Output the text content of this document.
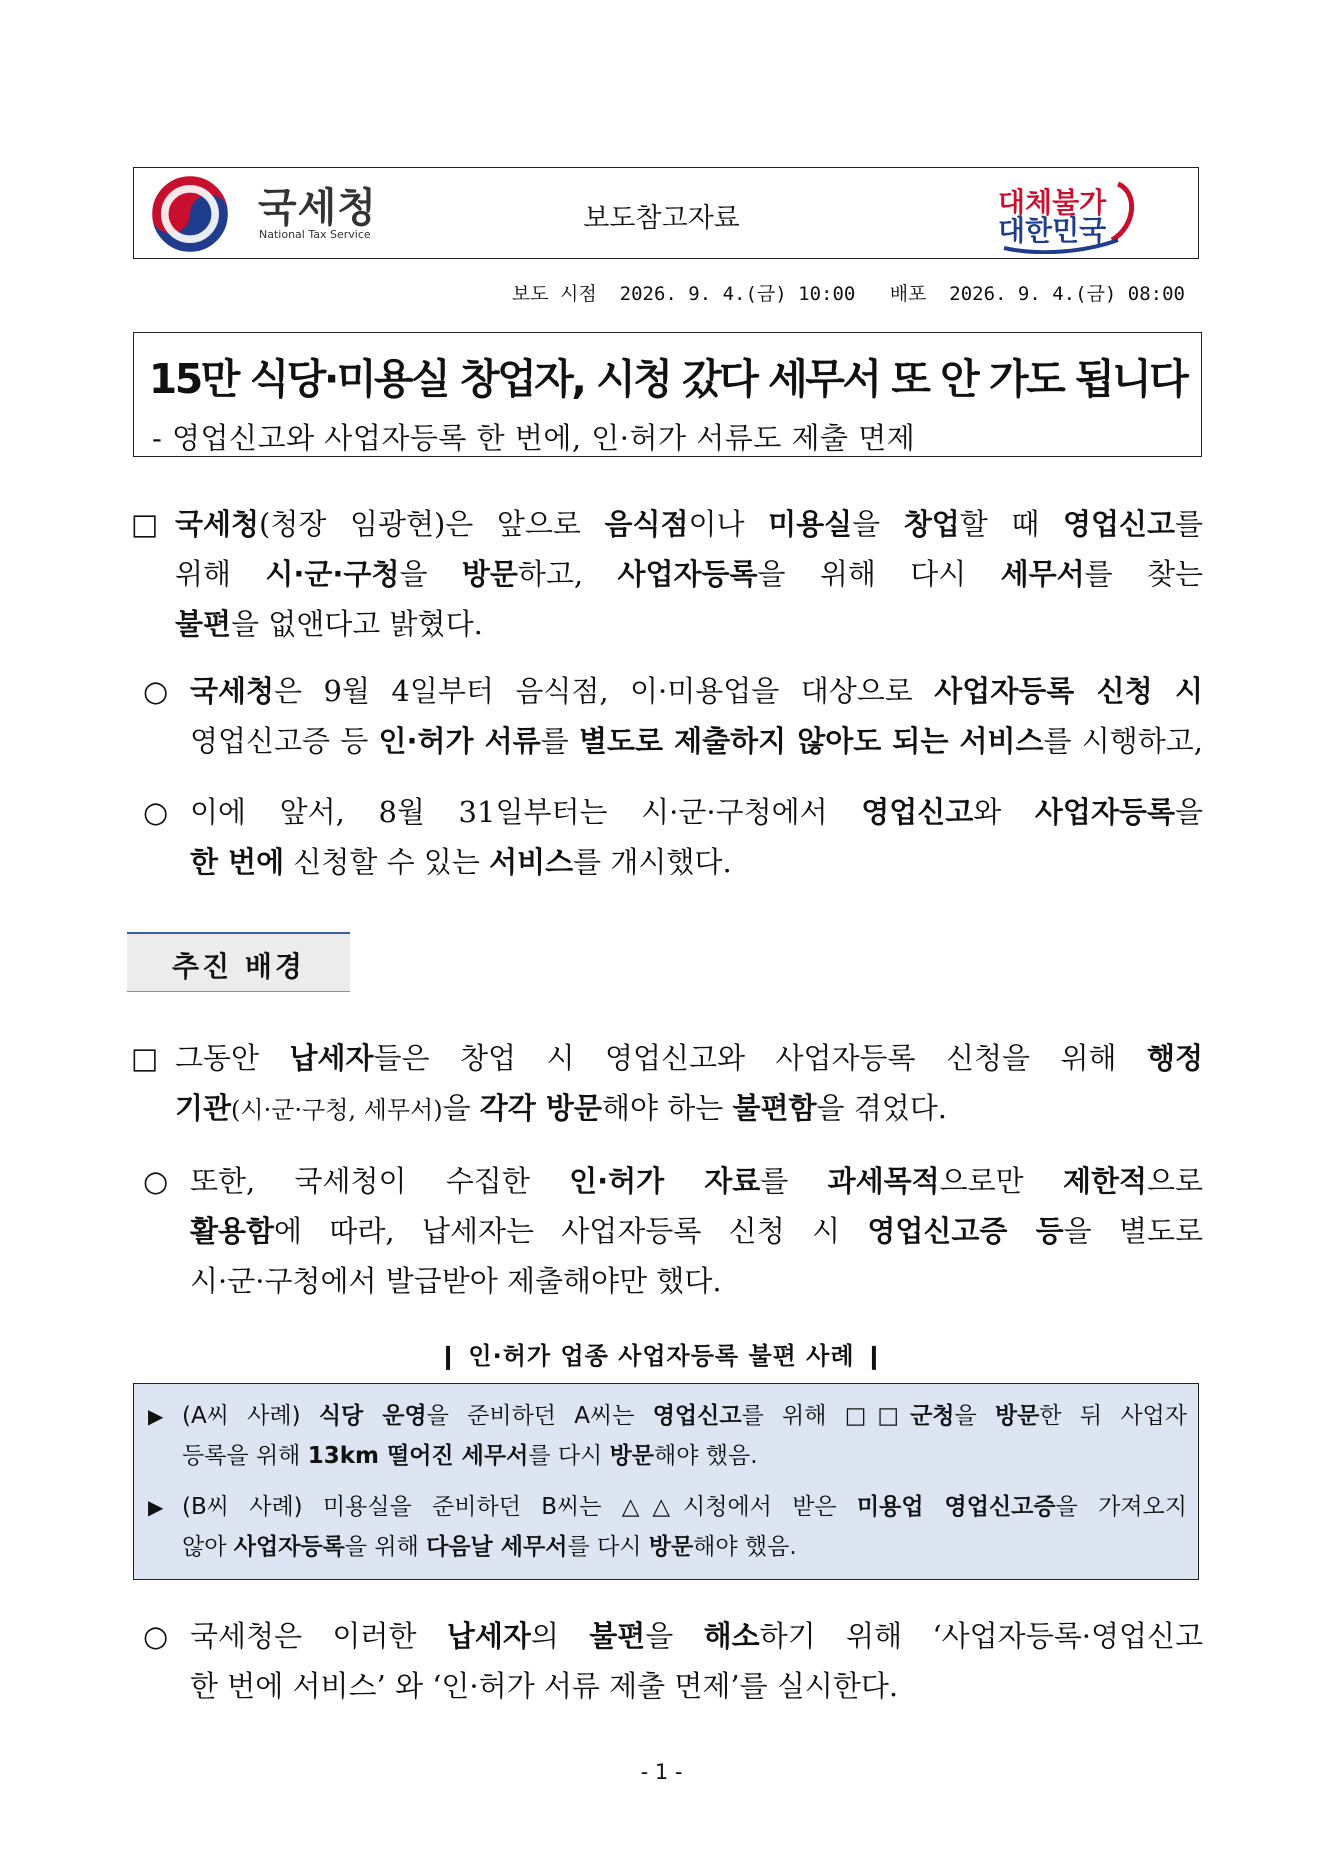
국세청
National Tax Service
보도참고자료	대체불가
대한민국
보도 시점 2026. 9. 4.(금) 10:00 배포 2026. 9. 4.(금) 08:00
15만 식당·미용실 창업자, 시청 갔다 세무서 또 안 가도 됩니다
- 영업신고와 사업자등록 한 번에, 인·허가 서류도 제출 면제
□ 국세청(청장 임광현)은 앞으로 음식점이나 미용실을 창업할 때 영업신고를
위해 시·군·구청을 방문하고, 사업자등록을 위해 다시 세무서를 찾는
불편을 없앤다고 밝혔다.
○ 국세청은 9월 4일부터 음식점, 이·미용업을 대상으로 사업자등록 신청 시
영업신고증 등 인·허가 서류를 별도로 제출하지 않아도 되는 서비스를 시행하고,
○ 이에 앞서, 8월 31일부터는 시·군·구청에서 영업신고와 사업자등록을
한 번에 신청할 수 있는 서비스를 개시했다.
추진 배경
□ 그동안 납세자들은 창업 시 영업신고와 사업자등록 신청을 위해 행정
기관(시·군·구청, 세무서)을 각각 방문해야 하는 불편함을 겪었다.
○ 또한, 국세청이 수집한 인·허가 자료를 과세목적으로만 제한적으로
활용함에 따라, 납세자는 사업자등록 신청 시 영업신고증 등을 별도로
시·군·구청에서 발급받아 제출해야만 했다.
❙ 인·허가 업종 사업자등록 불편 사례 ❙
▶ (A씨 사례) 식당 운영을 준비하던 A씨는 영업신고를 위해 □□군청을 방문한 뒤 사업자
등록을 위해 13km 떨어진 세무서를 다시 방문해야 했음.
▶ (B씨 사례) 미용실을 준비하던 B씨는 △△시청에서 받은 미용업 영업신고증을 가져오지
않아 사업자등록을 위해 다음날 세무서를 다시 방문해야 했음.
○ 국세청은 이러한 납세자의 불편을 해소하기 위해 ‘사업자등록·영업신고
한 번에 서비스’ 와 ‘인·허가 서류 제출 면제’를 실시한다.
- 1 -
